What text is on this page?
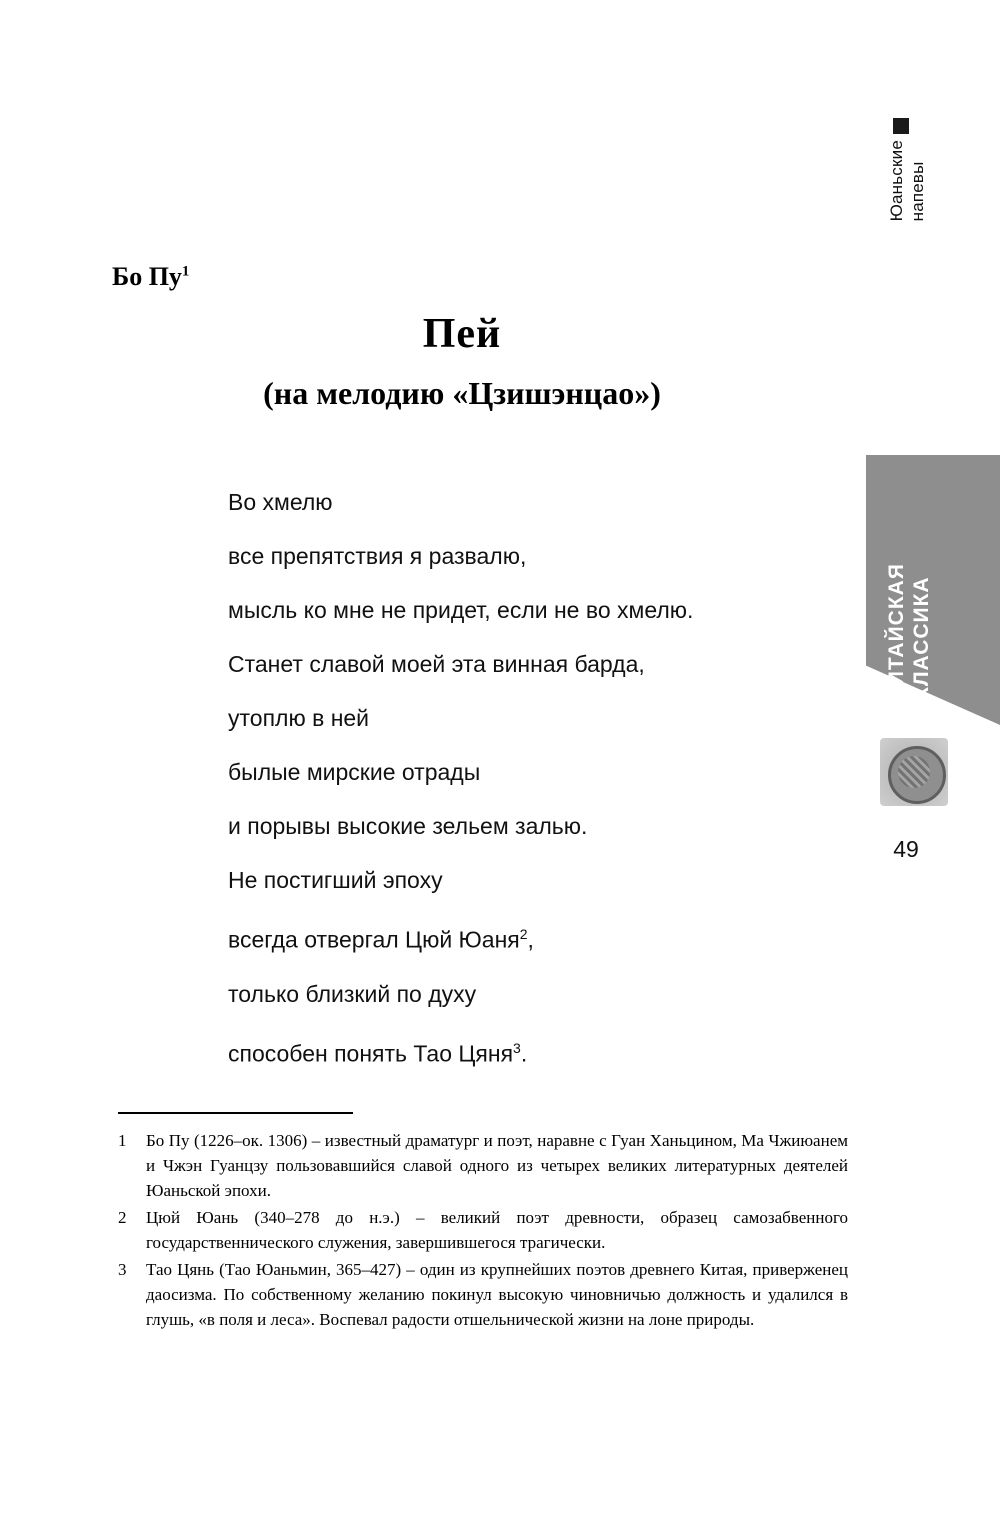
Юаньские напевы
КИТАЙСКАЯ КЛАССИКА
49
Бо $Пу^1$
Пей
(на мелодию «Цзишэнцао»)

Во хмелю

все препятствия я развалю,

мысль ко мне не придет, если не во хмелю.

Станет славой моей эта винная барда,

утоплю в ней

былые мирские отрады

и порывы высокие зельем залью.

Не постигший эпоху

всегда отвергал Цюй Юаня$^2$,

только близкий по духу

способен понять Тао Цяня$^3$.

1	Бо Пу (1226–ок. 1306) – известный драматург и поэт, наравне с Гуан Ханьцином, Ма Чжиюанем и Чжэн Гуанцзу пользовавшийся славой одного из четырех великих литературных деятелей Юаньской эпохи.
2	Цюй Юань (340–278 до н.э.) – великий поэт древности, образец самозабвенного государственнического служения, завершившегося трагически.
3	Тао Цянь (Тао Юаньмин, 365–427) – один из крупнейших поэтов древнего Китая, приверженец даосизма. По собственному желанию покинул высокую чиновничью должность и удалился в глушь, «в поля и леса». Воспевал радости отшельнической жизни на лоне природы.
